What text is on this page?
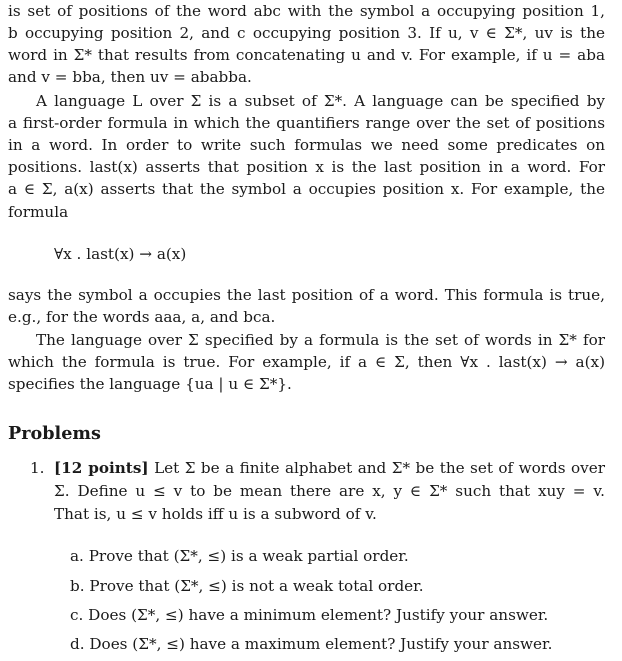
is set of positions of the word abc with the symbol a occupying position 1,
b occupying position 2, and c occupying position 3. If u, v ∈ Σ*, uv is the
word in Σ* that results from concatenating u and v. For example, if u = aba
and v = bba, then uv = ababba.
A language L over Σ is a subset of Σ*. A language can be specified by
a first-order formula in which the quantifiers range over the set of positions
in a word. In order to write such formulas we need some predicates on
positions. last(x) asserts that position x is the last position in a word. For
a ∈ Σ, a(x) asserts that the symbol a occupies position x. For example, the
formula
∀x . last(x) → a(x)
says the symbol a occupies the last position of a word. This formula is true,
e.g., for the words aaa, a, and bca.
The language over Σ specified by a formula is the set of words in Σ* for
which the formula is true. For example, if a ∈ Σ, then ∀x . last(x) → a(x)
specifies the language {ua | u ∈ Σ*}.
Problems
1. [12 points] Let Σ be a finite alphabet and Σ* be the set of words over
Σ. Define u ≤ v to be mean there are x, y ∈ Σ* such that xuy = v.
That is, u ≤ v holds iff u is a subword of v.
a. Prove that (Σ*, ≤) is a weak partial order.
b. Prove that (Σ*, ≤) is not a weak total order.
c. Does (Σ*, ≤) have a minimum element? Justify your answer.
d. Does (Σ*, ≤) have a maximum element? Justify your answer.
